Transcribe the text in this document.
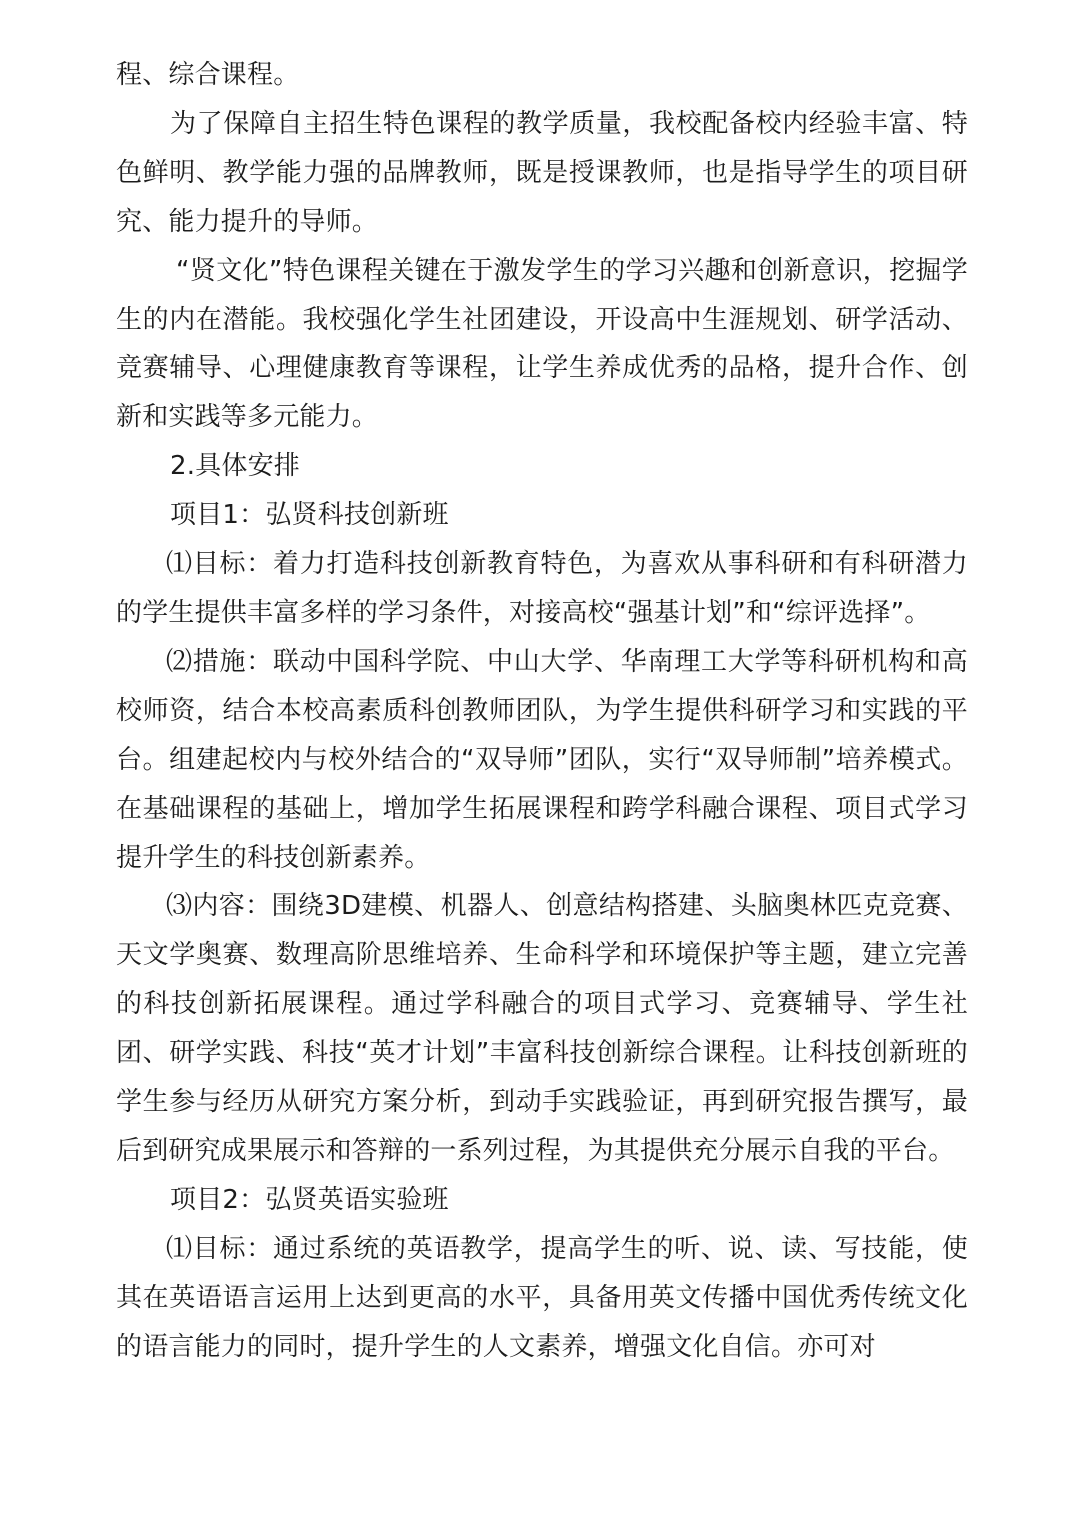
程、综合课程。

为了保障自主招生特色课程的教学质量，我校配备校内经验丰富、特色鲜明、教学能力强的品牌教师，既是授课教师，也是指导学生的项目研究、能力提升的导师。

“贤文化”特色课程关键在于激发学生的学习兴趣和创新意识，挖掘学生的内在潜能。我校强化学生社团建设，开设高中生涯规划、研学活动、竞赛辅导、心理健康教育等课程，让学生养成优秀的品格，提升合作、创新和实践等多元能力。

2.具体安排

项目1：弘贤科技创新班

⑴目标：着力打造科技创新教育特色，为喜欢从事科研和有科研潜力的学生提供丰富多样的学习条件，对接高校“强基计划”和“综评选择”。

⑵措施：联动中国科学院、中山大学、华南理工大学等科研机构和高校师资，结合本校高素质科创教师团队，为学生提供科研学习和实践的平台。组建起校内与校外结合的“双导师”团队，实行“双导师制”培养模式。在基础课程的基础上，增加学生拓展课程和跨学科融合课程、项目式学习提升学生的科技创新素养。

⑶内容：围绕3D建模、机器人、创意结构搭建、头脑奥林匹克竞赛、天文学奥赛、数理高阶思维培养、生命科学和环境保护等主题，建立完善的科技创新拓展课程。通过学科融合的项目式学习、竞赛辅导、学生社团、研学实践、科技“英才计划”丰富科技创新综合课程。让科技创新班的学生参与经历从研究方案分析，到动手实践验证，再到研究报告撰写，最后到研究成果展示和答辩的一系列过程，为其提供充分展示自我的平台。

项目2：弘贤英语实验班

⑴目标：通过系统的英语教学，提高学生的听、说、读、写技能，使其在英语语言运用上达到更高的水平，具备用英文传播中国优秀传统文化的语言能力的同时，提升学生的人文素养，增强文化自信。亦可对
